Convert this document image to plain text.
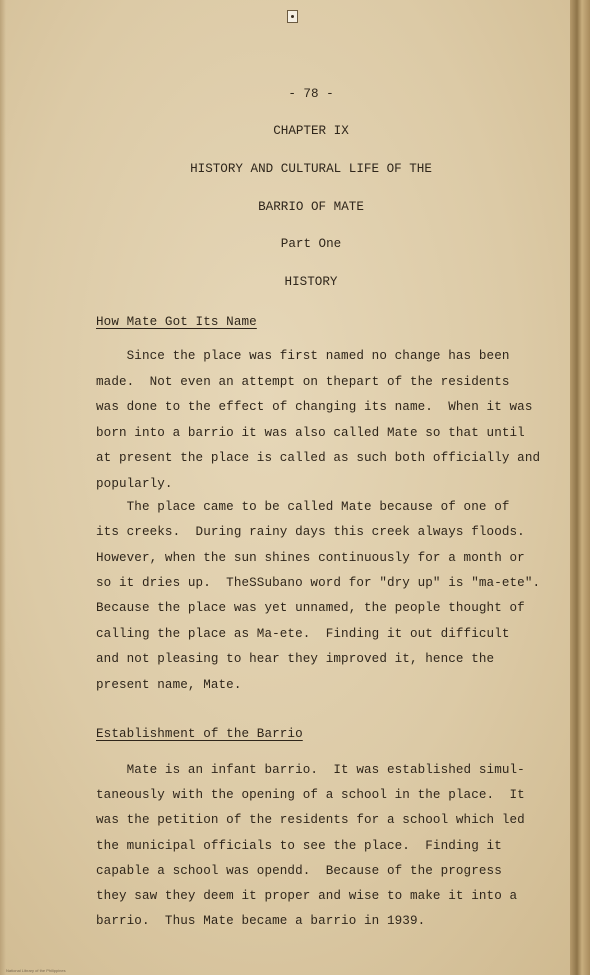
- 78 -
CHAPTER IX
HISTORY AND CULTURAL LIFE OF THE
BARRIO OF MATE
Part One
HISTORY
How Mate Got Its Name
Since the place was first named no change has been
made.  Not even an attempt on thepart of the residents
was done to the effect of changing its name.  When it was
born into a barrio it was also called Mate so that until
at present the place is called as such both officially and
popularly.
The place came to be called Mate because of one of
its creeks.  During rainy days this creek always floods.
However, when the sun shines continuously for a month or
so it dries up.  TheSSubano word for "dry up" is "ma-ete".
Because the place was yet unnamed, the people thought of
calling the place as Ma-ete.  Finding it out difficult
and not pleasing to hear they improved it, hence the
present name, Mate.
Establishment of the Barrio
Mate is an infant barrio.  It was established simul-
taneously with the opening of a school in the place.  It
was the petition of the residents for a school which led
the municipal officials to see the place.  Finding it
capable a school was opendd.  Because of the progress
they saw they deem it proper and wise to make it into a
barrio.  Thus Mate became a barrio in 1939.
National Library of the Philippines
